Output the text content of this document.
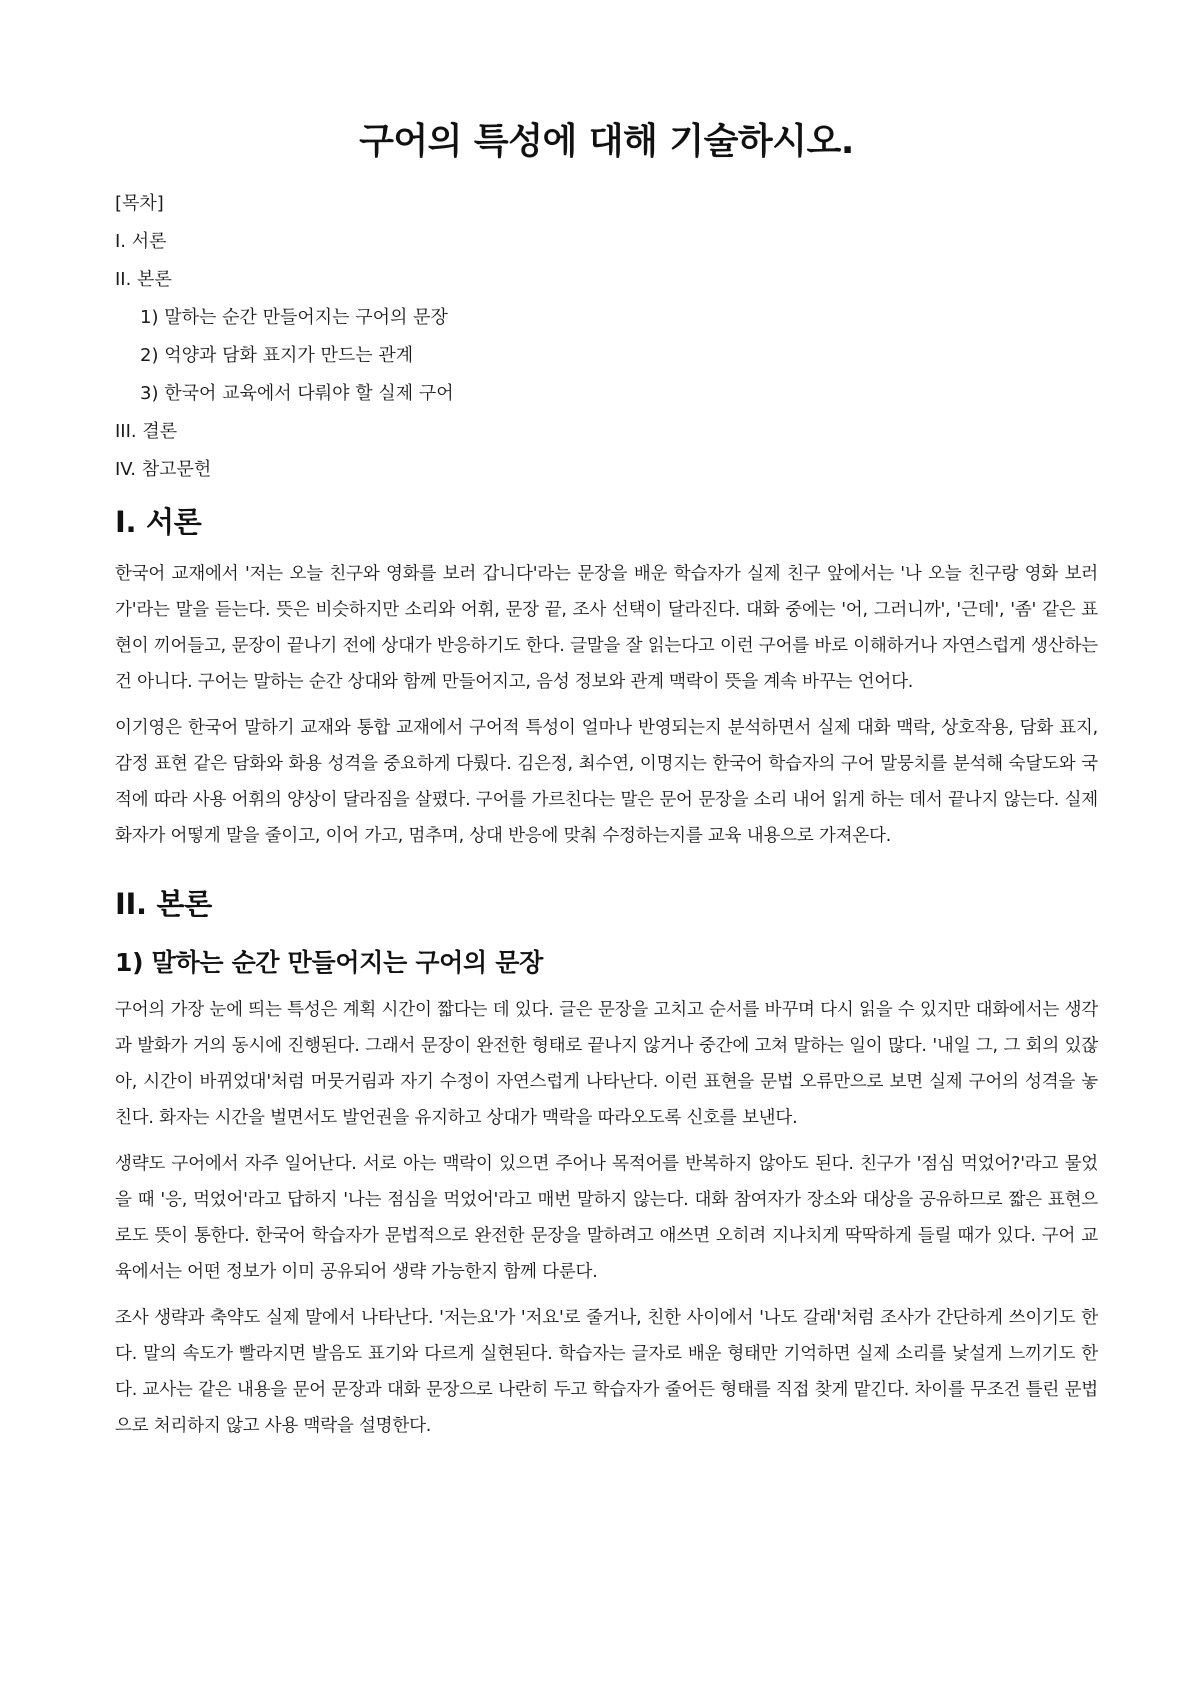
구어의 특성에 대해 기술하시오.
[목차]
I. 서론
II. 본론
1) 말하는 순간 만들어지는 구어의 문장
2) 억양과 담화 표지가 만드는 관계
3) 한국어 교육에서 다뤄야 할 실제 구어
III. 결론
IV. 참고문헌
I. 서론

한국어 교재에서 '저는 오늘 친구와 영화를 보러 갑니다'라는 문장을 배운 학습자가 실제 친구 앞에서는 '나 오늘 친구랑 영화 보러 가'라는 말을 듣는다. 뜻은 비슷하지만 소리와 어휘, 문장 끝, 조사 선택이 달라진다. 대화 중에는 '어, 그러니까', '근데', '좀' 같은 표현이 끼어들고, 문장이 끝나기 전에 상대가 반응하기도 한다. 글말을 잘 읽는다고 이런 구어를 바로 이해하거나 자연스럽게 생산하는 건 아니다. 구어는 말하는 순간 상대와 함께 만들어지고, 음성 정보와 관계 맥락이 뜻을 계속 바꾸는 언어다.

이기영은 한국어 말하기 교재와 통합 교재에서 구어적 특성이 얼마나 반영되는지 분석하면서 실제 대화 맥락, 상호작용, 담화 표지, 감정 표현 같은 담화와 화용 성격을 중요하게 다뤘다. 김은정, 최수연, 이명지는 한국어 학습자의 구어 말뭉치를 분석해 숙달도와 국적에 따라 사용 어휘의 양상이 달라짐을 살폈다. 구어를 가르친다는 말은 문어 문장을 소리 내어 읽게 하는 데서 끝나지 않는다. 실제 화자가 어떻게 말을 줄이고, 이어 가고, 멈추며, 상대 반응에 맞춰 수정하는지를 교육 내용으로 가져온다.

II. 본론
1) 말하는 순간 만들어지는 구어의 문장

구어의 가장 눈에 띄는 특성은 계획 시간이 짧다는 데 있다. 글은 문장을 고치고 순서를 바꾸며 다시 읽을 수 있지만 대화에서는 생각과 발화가 거의 동시에 진행된다. 그래서 문장이 완전한 형태로 끝나지 않거나 중간에 고쳐 말하는 일이 많다. '내일 그, 그 회의 있잖아, 시간이 바뀌었대'처럼 머뭇거림과 자기 수정이 자연스럽게 나타난다. 이런 표현을 문법 오류만으로 보면 실제 구어의 성격을 놓친다. 화자는 시간을 벌면서도 발언권을 유지하고 상대가 맥락을 따라오도록 신호를 보낸다.

생략도 구어에서 자주 일어난다. 서로 아는 맥락이 있으면 주어나 목적어를 반복하지 않아도 된다. 친구가 '점심 먹었어?'라고 물었을 때 '응, 먹었어'라고 답하지 '나는 점심을 먹었어'라고 매번 말하지 않는다. 대화 참여자가 장소와 대상을 공유하므로 짧은 표현으로도 뜻이 통한다. 한국어 학습자가 문법적으로 완전한 문장을 말하려고 애쓰면 오히려 지나치게 딱딱하게 들릴 때가 있다. 구어 교육에서는 어떤 정보가 이미 공유되어 생략 가능한지 함께 다룬다.

조사 생략과 축약도 실제 말에서 나타난다. '저는요'가 '저요'로 줄거나, 친한 사이에서 '나도 갈래'처럼 조사가 간단하게 쓰이기도 한다. 말의 속도가 빨라지면 발음도 표기와 다르게 실현된다. 학습자는 글자로 배운 형태만 기억하면 실제 소리를 낯설게 느끼기도 한다. 교사는 같은 내용을 문어 문장과 대화 문장으로 나란히 두고 학습자가 줄어든 형태를 직접 찾게 맡긴다. 차이를 무조건 틀린 문법으로 처리하지 않고 사용 맥락을 설명한다.
